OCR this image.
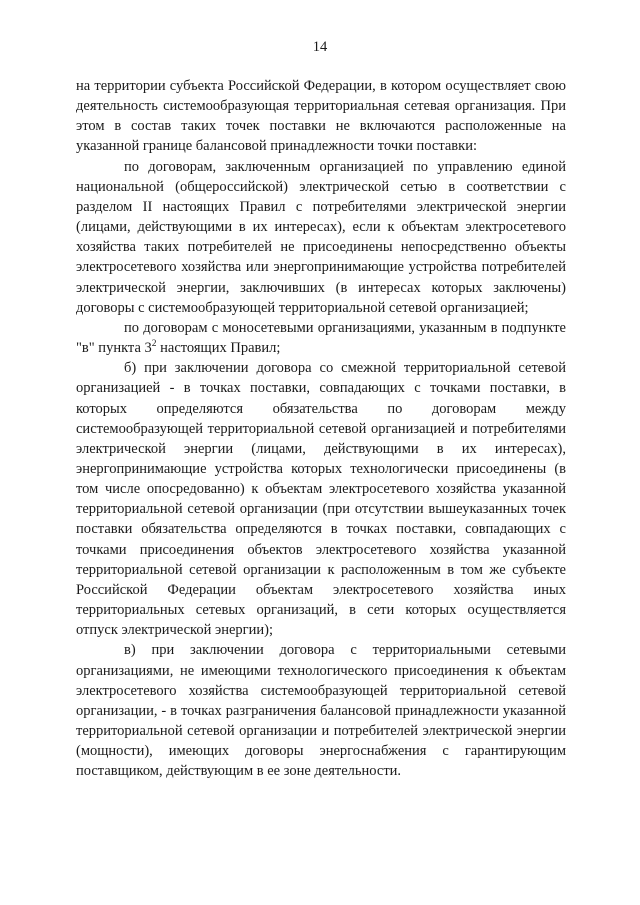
14

на территории субъекта Российской Федерации, в котором осуществляет свою деятельность системообразующая территориальная сетевая организация. При этом в состав таких точек поставки не включаются расположенные на указанной границе балансовой принадлежности точки поставки:

по договорам, заключенным организацией по управлению единой национальной (общероссийской) электрической сетью в соответствии с разделом II настоящих Правил с потребителями электрической энергии (лицами, действующими в их интересах), если к объектам электросетевого хозяйства таких потребителей не присоединены непосредственно объекты электросетевого хозяйства или энергопринимающие устройства потребителей электрической энергии, заключивших (в интересах которых заключены) договоры с системообразующей территориальной сетевой организацией;

по договорам с моносетевыми организациями, указанным в подпункте "в" пункта $3^2$ настоящих Правил;

б) при заключении договора со смежной территориальной сетевой организацией - в точках поставки, совпадающих с точками поставки, в которых определяются обязательства по договорам между системообразующей территориальной сетевой организацией и потребителями электрической энергии (лицами, действующими в их интересах), энергопринимающие устройства которых технологически присоединены (в том числе опосредованно) к объектам электросетевого хозяйства указанной территориальной сетевой организации (при отсутствии вышеуказанных точек поставки обязательства определяются в точках поставки, совпадающих с точками присоединения объектов электросетевого хозяйства указанной территориальной сетевой организации к расположенным в том же субъекте Российской Федерации объектам электросетевого хозяйства иных территориальных сетевых организаций, в сети которых осуществляется отпуск электрической энергии);

в) при заключении договора с территориальными сетевыми организациями, не имеющими технологического присоединения к объектам электросетевого хозяйства системообразующей территориальной сетевой организации, - в точках разграничения балансовой принадлежности указанной территориальной сетевой организации и потребителей электрической энергии (мощности), имеющих договоры энергоснабжения с гарантирующим поставщиком, действующим в ее зоне деятельности.
